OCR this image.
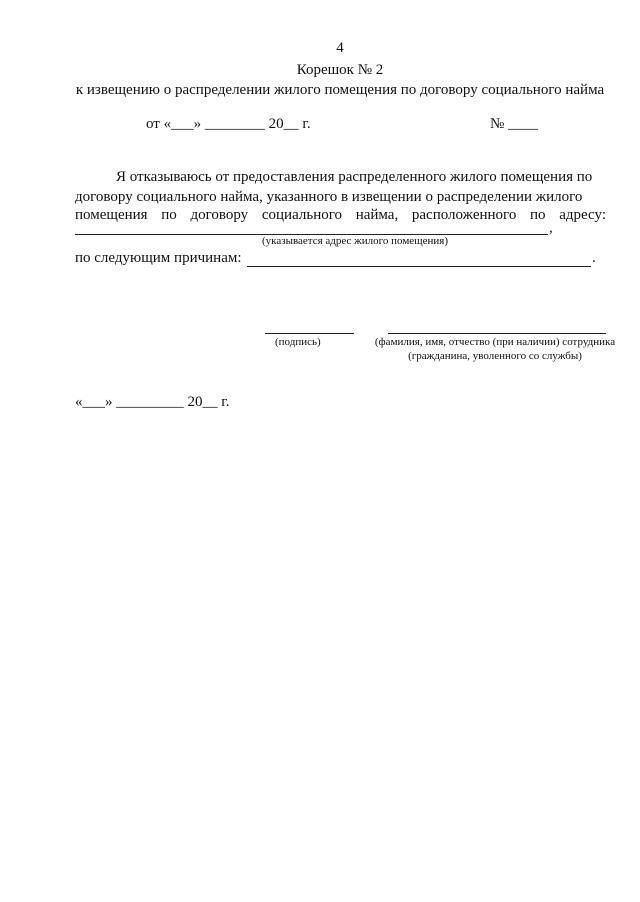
4
Корешок № 2
к извещению о распределении жилого помещения по договору социального найма
от «___» ________ 20__ г.	№ ____
Я отказываюсь от предоставления распределенного жилого помещения по
договору социального найма, указанного в извещении о распределении жилого
помещения по договору социального найма, расположенного по адресу:
,
(указывается адрес жилого помещения)
по следующим причинам:	.
(подпись)	(фамилия, имя, отчество (при наличии) сотрудника (гражданина, уволенного со службы)
«___» _________ 20__ г.
